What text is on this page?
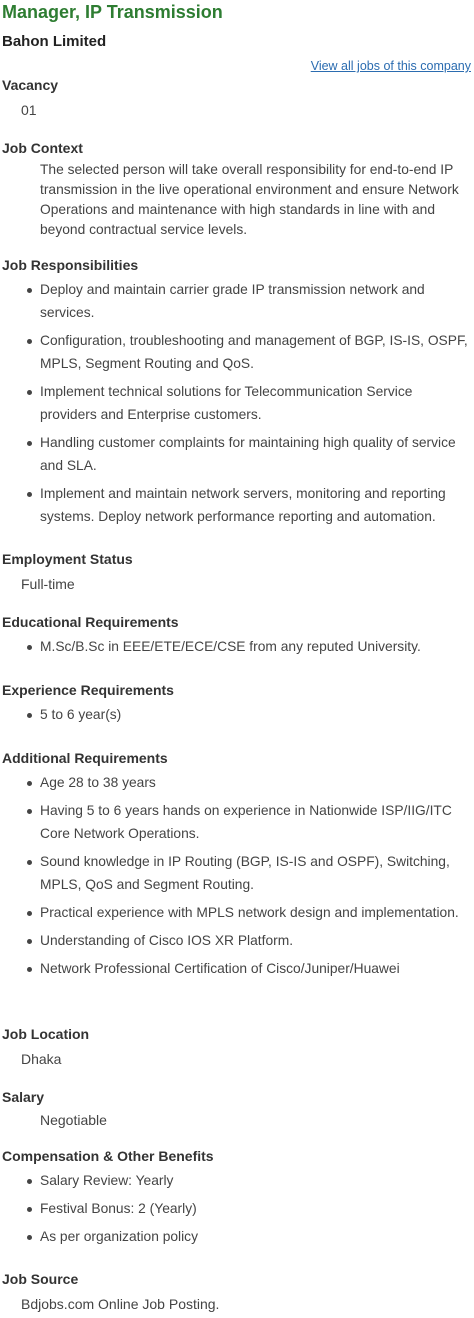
Manager, IP Transmission
Bahon Limited
View all jobs of this company
Vacancy

01

Job Context

The selected person will take overall responsibility for end-to-end IP transmission in the live operational environment and ensure Network Operations and maintenance with high standards in line with and beyond contractual service levels.

Job Responsibilities
Deploy and maintain carrier grade IP transmission network and services.
Configuration, troubleshooting and management of BGP, IS-IS, OSPF, MPLS, Segment Routing and QoS.
Implement technical solutions for Telecommunication Service providers and Enterprise customers.
Handling customer complaints for maintaining high quality of service and SLA.
Implement and maintain network servers, monitoring and reporting systems. Deploy network performance reporting and automation.
Employment Status

Full-time

Educational Requirements
M.Sc/B.Sc in EEE/ETE/ECE/CSE from any reputed University.
Experience Requirements
5 to 6 year(s)
Additional Requirements
Age 28 to 38 years
Having 5 to 6 years hands on experience in Nationwide ISP/IIG/ITC Core Network Operations.
Sound knowledge in IP Routing (BGP, IS-IS and OSPF), Switching, MPLS, QoS and Segment Routing.
Practical experience with MPLS network design and implementation.
Understanding of Cisco IOS XR Platform.
Network Professional Certification of Cisco/Juniper/Huawei
Job Location

Dhaka

Salary

Negotiable

Compensation & Other Benefits
Salary Review: Yearly
Festival Bonus: 2 (Yearly)
As per organization policy
Job Source

Bdjobs.com Online Job Posting.
